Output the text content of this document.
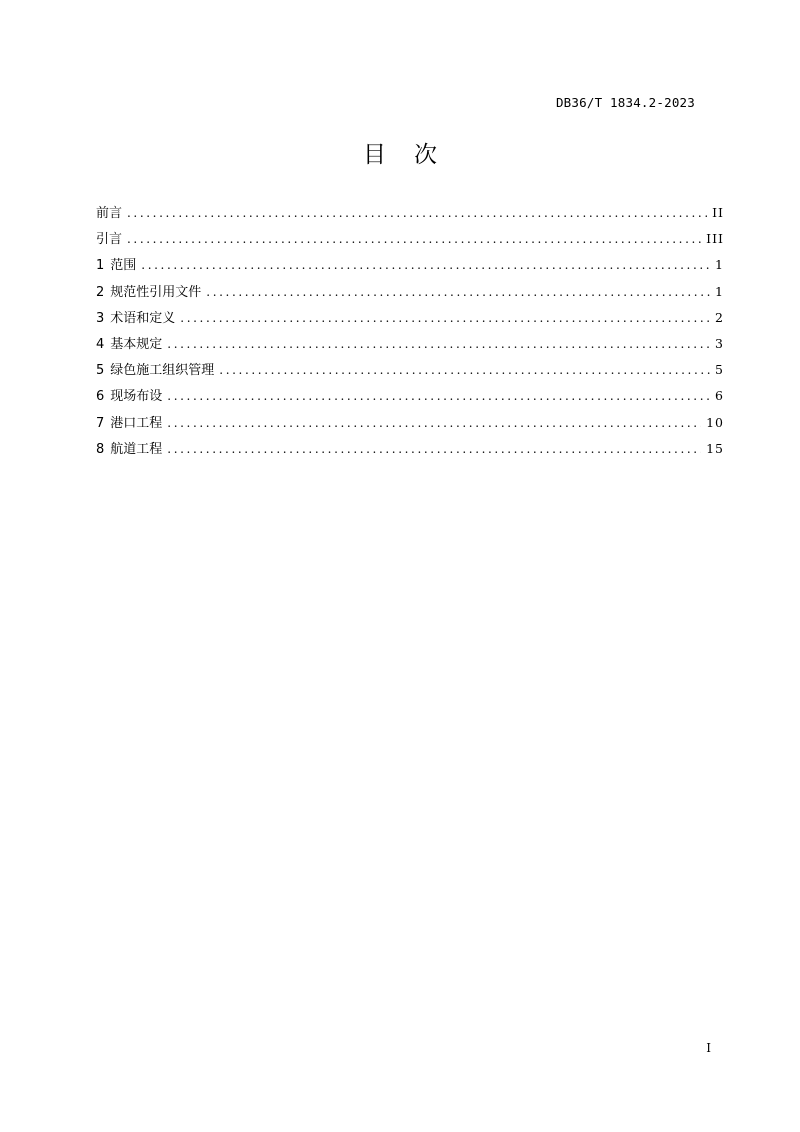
DB36/T 1834.2-2023
目 次
前言 .....	II
引言 .....	III
1 范围 .....	1
2 规范性引用文件 .....	1
3 术语和定义 .....	2
4 基本规定 .....	3
5 绿色施工组织管理 .....	5
6 现场布设 .....	6
7 港口工程 .....	10
8 航道工程 .....	15
I
